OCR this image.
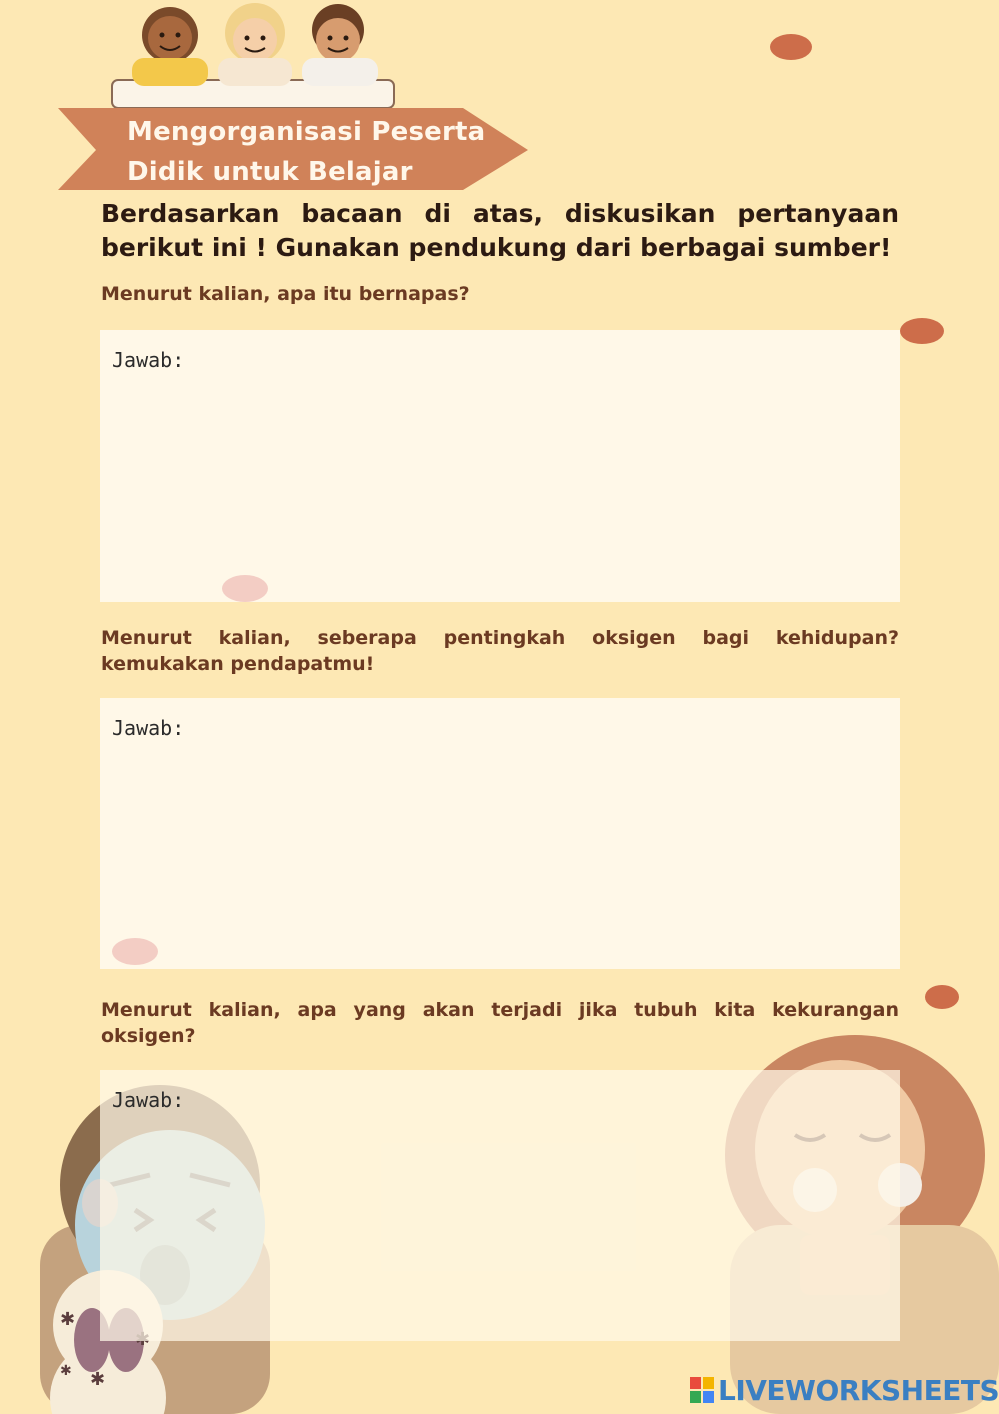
✱
✱
✱
Mengorganisasi Peserta
Didik untuk Belajar

Berdasarkan bacaan di atas, diskusikan pertanyaan berikut ini ! Gunakan pendukung dari berbagai sumber!

Menurut kalian, apa itu bernapas?

Jawab:

Menurut kalian, seberapa pentingkah oksigen bagi kehidupan? kemukakan pendapatmu!

Jawab:

Menurut kalian, apa yang akan terjadi jika tubuh kita kekurangan oksigen?

Jawab:
LIVEWORKSHEETS
